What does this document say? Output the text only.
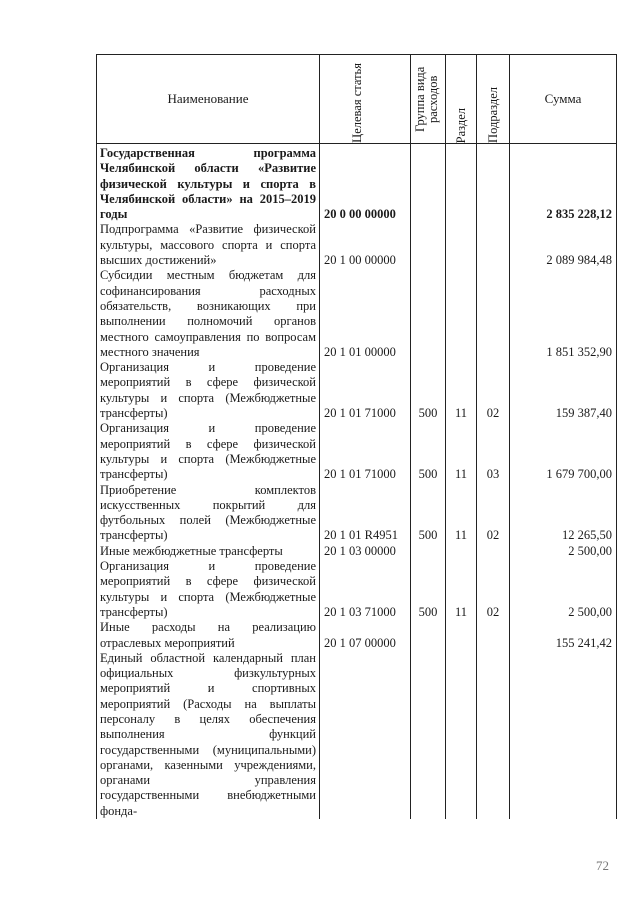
Наименование	Целевая статья	Группа вида расходов	Раздел	Подраздел	Сумма
Государственная программа Челябинской области «Развитие физической культуры и спорта в Челябинской области» на 2015–2019 годы	20 0 00 00000				2 835 228,12
Подпрограмма «Развитие физической культуры, массового спорта и спорта высших достижений»	20 1 00 00000				2 089 984,48
Субсидии местным бюджетам для софинансирования расходных обязательств, возникающих при выполнении полномочий органов местного самоуправления по вопросам местного значения	20 1 01 00000				1 851 352,90
Организация и проведение мероприятий в сфере физической культуры и спорта (Межбюджетные трансферты)	20 1 01 71000	500	11	02	159 387,40
Организация и проведение мероприятий в сфере физической культуры и спорта (Межбюджетные трансферты)	20 1 01 71000	500	11	03	1 679 700,00
Приобретение комплектов искусственных покрытий для футбольных полей (Межбюджетные трансферты)	20 1 01 R4951	500	11	02	12 265,50
Иные межбюджетные трансферты	20 1 03 00000				2 500,00
Организация и проведение мероприятий в сфере физической культуры и спорта (Межбюджетные трансферты)	20 1 03 71000	500	11	02	2 500,00
Иные расходы на реализацию отраслевых мероприятий	20 1 07 00000				155 241,42
Единый областной календарный план официальных физкультурных мероприятий и спортивных мероприятий (Расходы на выплаты персоналу в целях обеспечения выполнения функций государственными (муниципальными) органами, казенными учреждениями, органами управления государственными внебюджетными фонда-					
72
